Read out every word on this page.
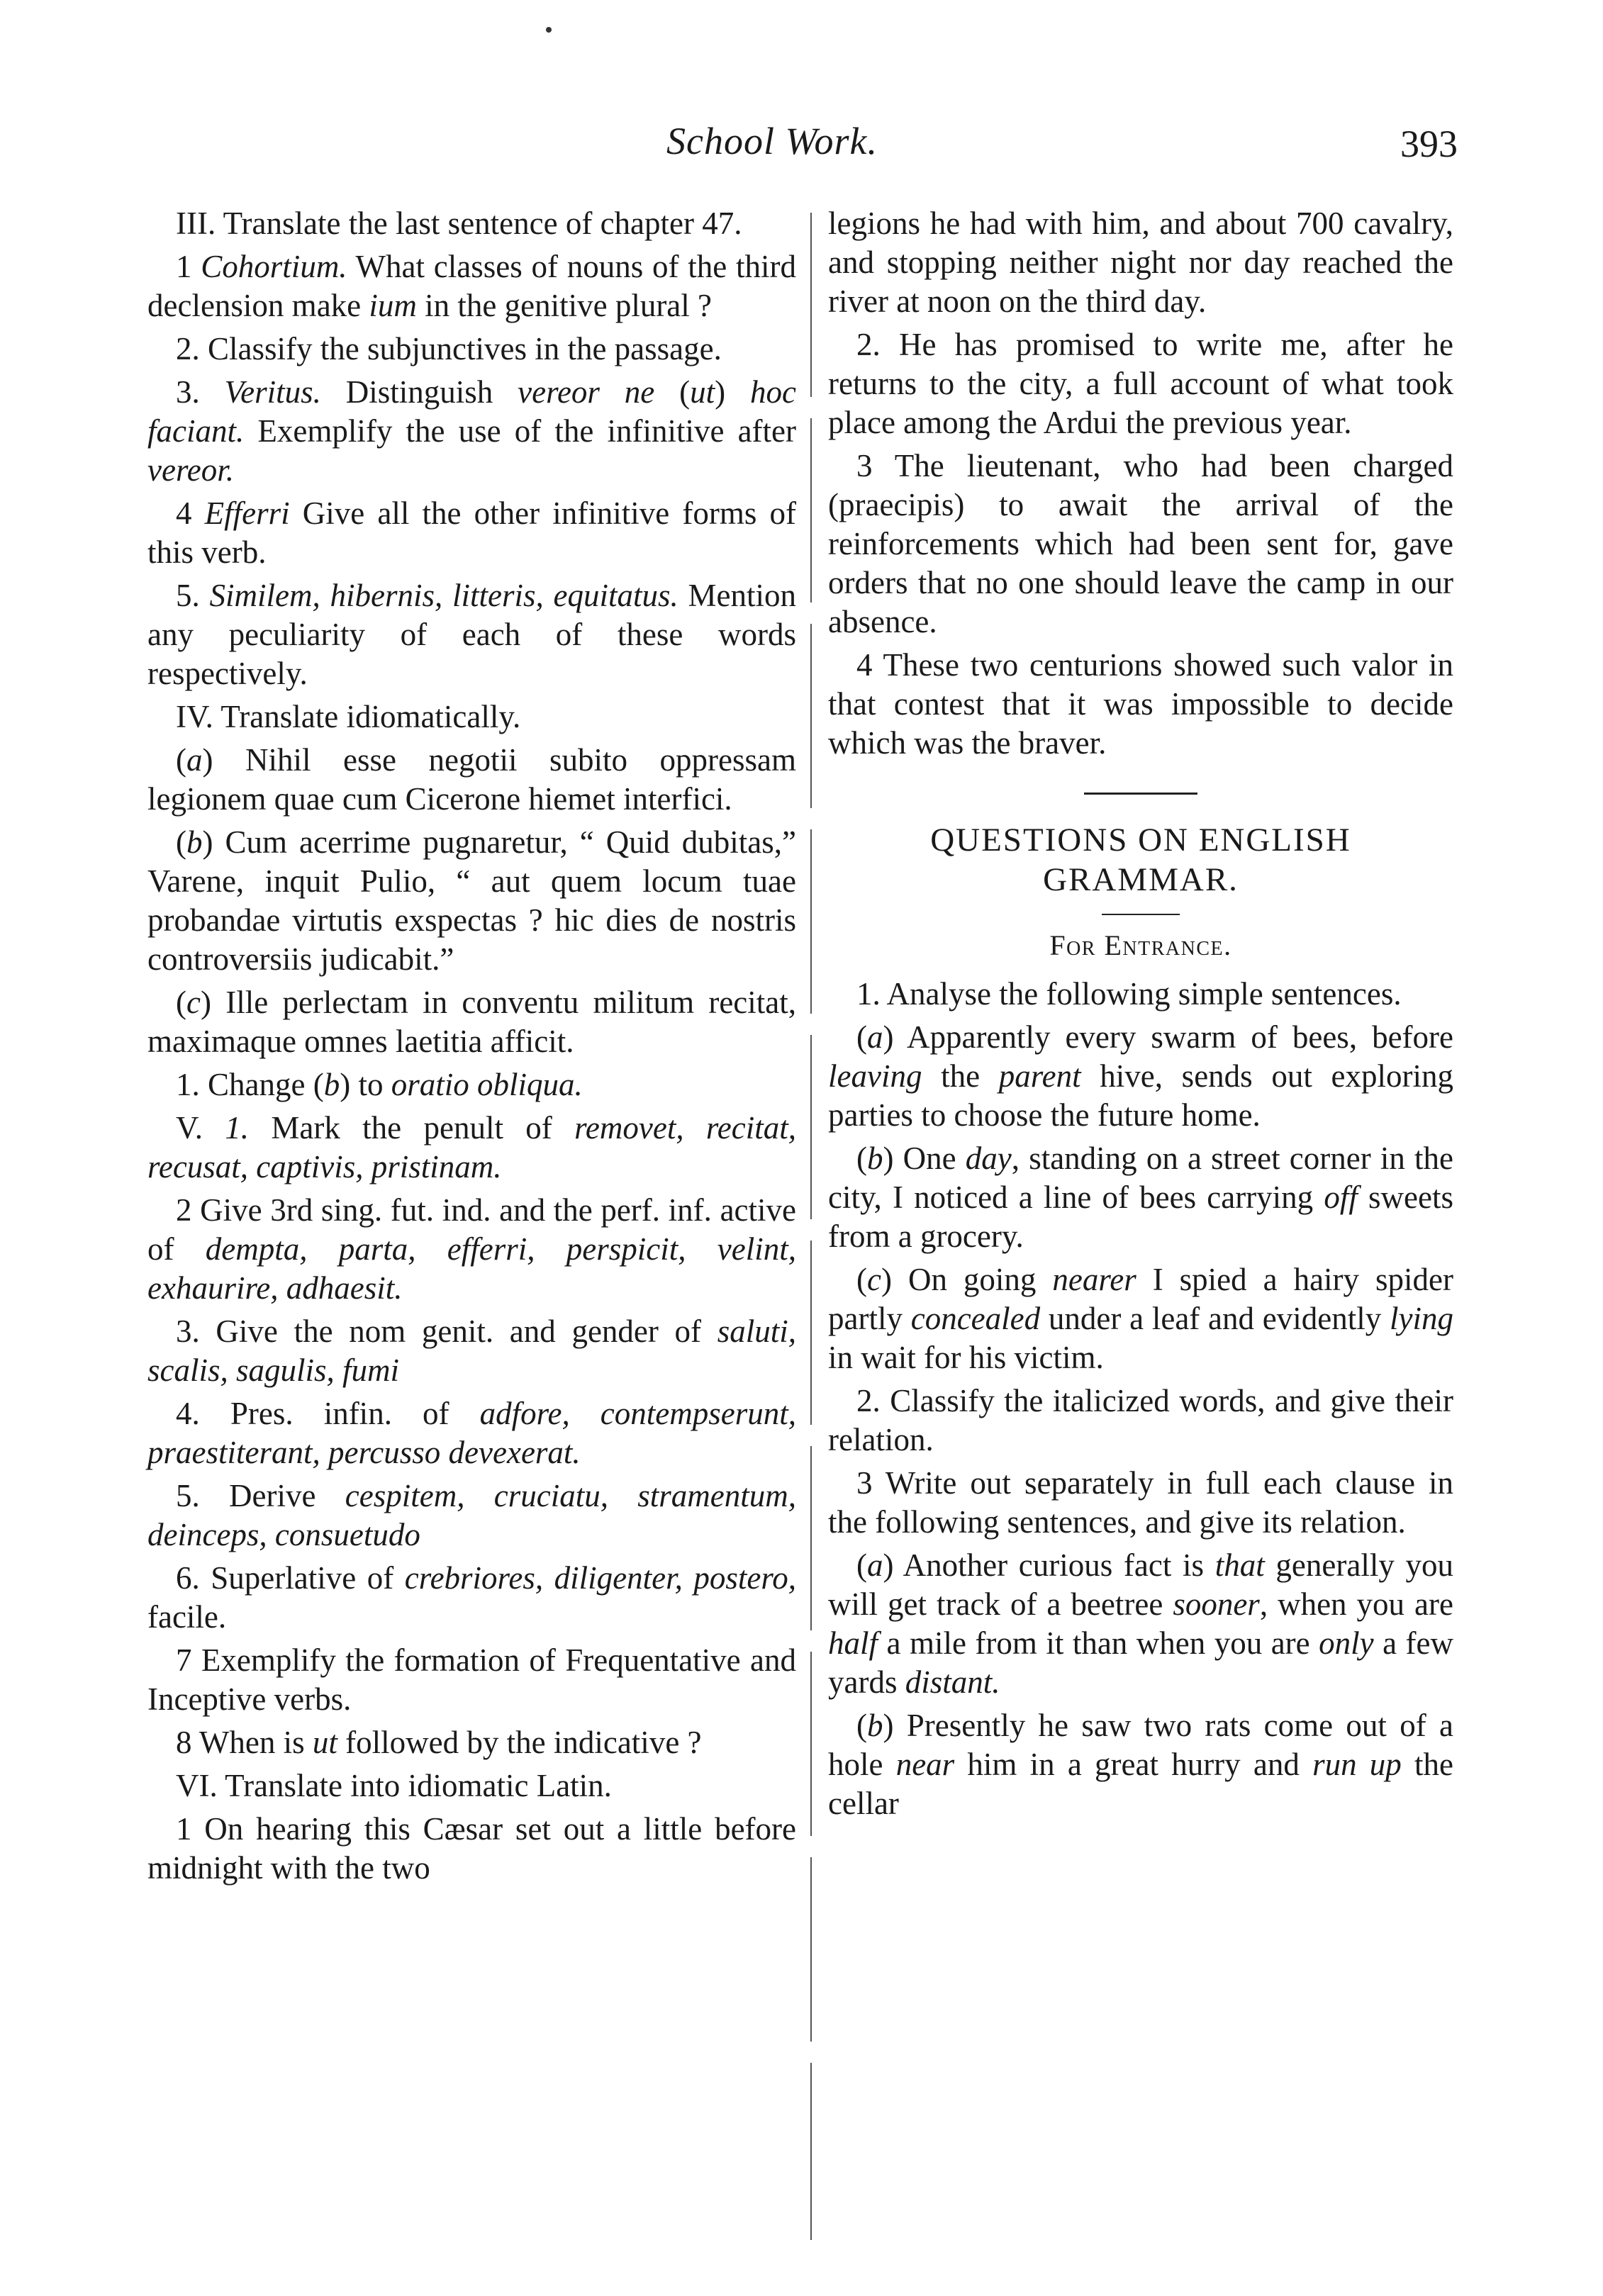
School Work.	393

III. Translate the last sentence of chapter 47.

1 Cohortium. What classes of nouns of the third declension make ium in the genitive plural ?

2. Classify the subjunctives in the passage.

3. Veritus. Distinguish vereor ne (ut) hoc faciant. Exemplify the use of the infinitive after vereor.

4 Efferri Give all the other infinitive forms of this verb.

5. Similem, hibernis, litteris, equitatus. Mention any peculiarity of each of these words respectively.

IV. Translate idiomatically.

(a) Nihil esse negotii subito oppressam legionem quae cum Cicerone hiemet interfici.

(b) Cum acerrime pugnaretur, “ Quid dubitas,” Varene, inquit Pulio, “ aut quem locum tuae probandae virtutis exspectas ? hic dies de nostris controversiis judicabit.”

(c) Ille perlectam in conventu militum recitat, maximaque omnes laetitia afficit.

1. Change (b) to oratio obliqua.

V. 1. Mark the penult of removet, recitat, recusat, captivis, pristinam.

2 Give 3rd sing. fut. ind. and the perf. inf. active of dempta, parta, efferri, perspicit, velint, exhaurire, adhaesit.

3. Give the nom genit. and gender of saluti, scalis, sagulis, fumi

4. Pres. infin. of adfore, contempserunt, praestiterant, percusso devexerat.

5. Derive cespitem, cruciatu, stramentum, deinceps, consuetudo

6. Superlative of crebriores, diligenter, postero, facile.

7 Exemplify the formation of Frequentative and Inceptive verbs.

8 When is ut followed by the indicative ?

VI. Translate into idiomatic Latin.

1 On hearing this Cæsar set out a little before midnight with the two

legions he had with him, and about 700 cavalry, and stopping neither night nor day reached the river at noon on the third day.

2. He has promised to write me, after he returns to the city, a full account of what took place among the Ardui the previous year.

3 The lieutenant, who had been charged (praecipis) to await the arrival of the reinforcements which had been sent for, gave orders that no one should leave the camp in our absence.

4 These two centurions showed such valor in that contest that it was impossible to decide which was the braver.

QUESTIONS ON ENGLISH

GRAMMAR.

For Entrance.

1. Analyse the following simple sentences.

(a) Apparently every swarm of bees, before leaving the parent hive, sends out exploring parties to choose the future home.

(b) One day, standing on a street corner in the city, I noticed a line of bees carrying off sweets from a grocery.

(c) On going nearer I spied a hairy spider partly concealed under a leaf and evidently lying in wait for his victim.

2. Classify the italicized words, and give their relation.

3 Write out separately in full each clause in the following sentences, and give its relation.

(a) Another curious fact is that generally you will get track of a beetree sooner, when you are half a mile from it than when you are only a few yards distant.

(b) Presently he saw two rats come out of a hole near him in a great hurry and run up the cellar
